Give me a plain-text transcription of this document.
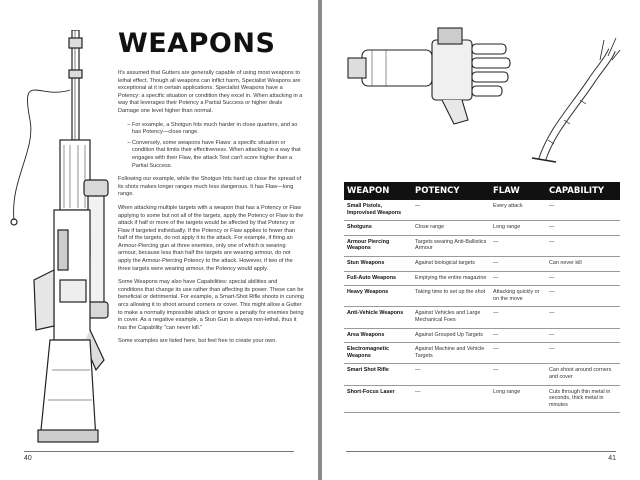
WEAPONS

It's assumed that Gutters are generally capable of using most weapons to lethal effect. Though all weapons can inflict harm, Specialist Weapons are exceptional at it in certain applications. Specialist Weapons have a Potency: a specific situation or condition they excel in. When attacking in a way that leverages their Potency a Partial Success or higher deals Damage one level higher than normal.

• For example, a Shotgun hits much harder in close quarters, and so has Potency—close range.
• Conversely, some weapons have Flaws: a specific situation or condition that limits their effectiveness. When attacking in a way that engages with their Flaw, the attack Test can't score higher than a Partial Success.

Following our example, while the Shotgun hits hard up close the spread of its shots makes longer ranges much less dangerous. It has Flaw—long range.

When attacking multiple targets with a weapon that has a Potency or Flaw applying to some but not all of the targets, apply the Potency or Flaw to the attack if half or more of the targets would be affected by that Potency or Flaw if targeted individually. If the Potency or Flaw applies to fewer than half of the targets, do not apply it to the attack. For example, if firing an Armour-Piercing gun at three enemies, only one of which is wearing armour, because less than half the targets are wearing armour, do not apply the Armour-Piercing Potency to the attack. However, if two of the three targets were wearing armour, the Potency would apply.

Some Weapons may also have Capabilities: special abilities and conditions that change its use rather than affecting its power. These can be beneficial or detrimental. For example, a Smart-Shot Rifle shoots in curving arcs allowing it to shoot around corners or cover. This might allow a Gutter to make a normally impossible attack or ignore a penalty for enemies being in cover. As a negative example, a Stun Gun is always non-lethal, thus it has the Capability "can never kill."

Some examples are listed here, but feel free to create your own.

40
WEAPON	POTENCY	FLAW	CAPABILITY
Small Pistols, Improvised Weapons	—	Every attack	—
Shotguns	Close range	Long range	—
Armour Piercing Weapons	Targets wearing Anti-Ballistics Armour	—	—
Stun Weapons	Against biological targets	—	Can never kill
Full-Auto Weapons	Emptying the entire magazine	—	—
Heavy Weapons	Taking time to set up the shot	Attacking quickly or on the move	—
Anti-Vehicle Weapons	Against Vehicles and Large Mechanical Foes	—	—
Area Weapons	Against Grouped Up Targets	—	—
Electromagnetic Weapons	Against Machine and Vehicle Targets	—	—
Smart Shot Rifle	—	—	Can shoot around corners and cover
Short-Focus Laser	—	Long range	Cuts through thin metal in seconds, thick metal in minutes
41
